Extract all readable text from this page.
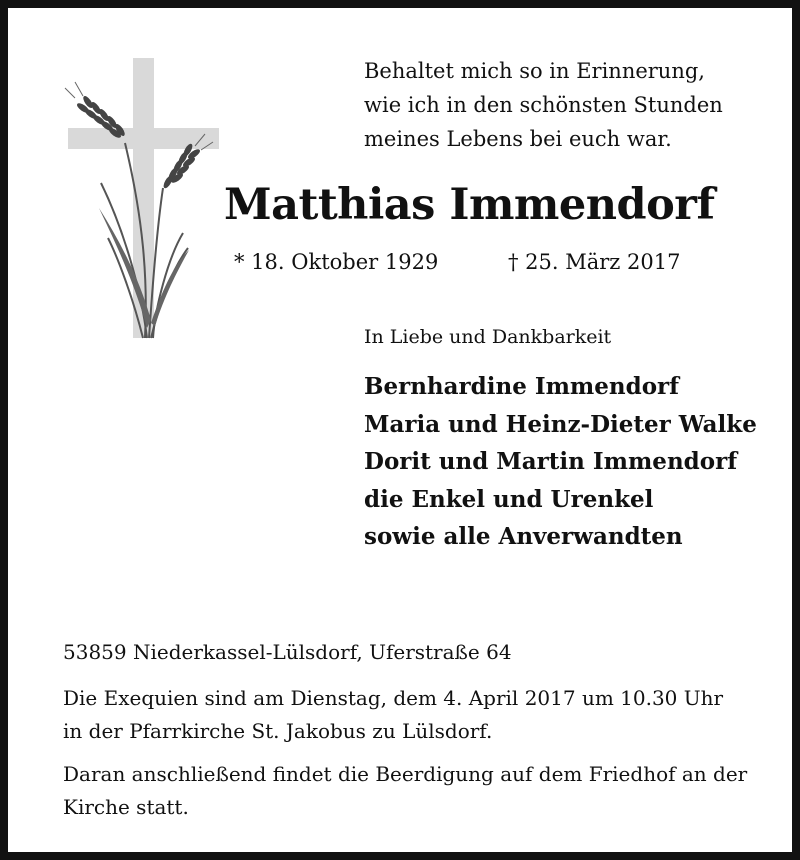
Behaltet mich so in Erinnerung,
wie ich in den schönsten Stunden
meines Lebens bei euch war.
Matthias Immendorf
* 18. Oktober 1929	† 25. März 2017
In Liebe und Dankbarkeit
Bernhardine Immendorf
Maria und Heinz-Dieter Walke
Dorit und Martin Immendorf
die Enkel und Urenkel
sowie alle Anverwandten
53859 Niederkassel-Lülsdorf, Uferstraße 64
Die Exequien sind am Dienstag, dem 4. April 2017 um 10.30 Uhr
in der Pfarrkirche St. Jakobus zu Lülsdorf.
Daran anschließend findet die Beerdigung auf dem Friedhof an der
Kirche statt.
